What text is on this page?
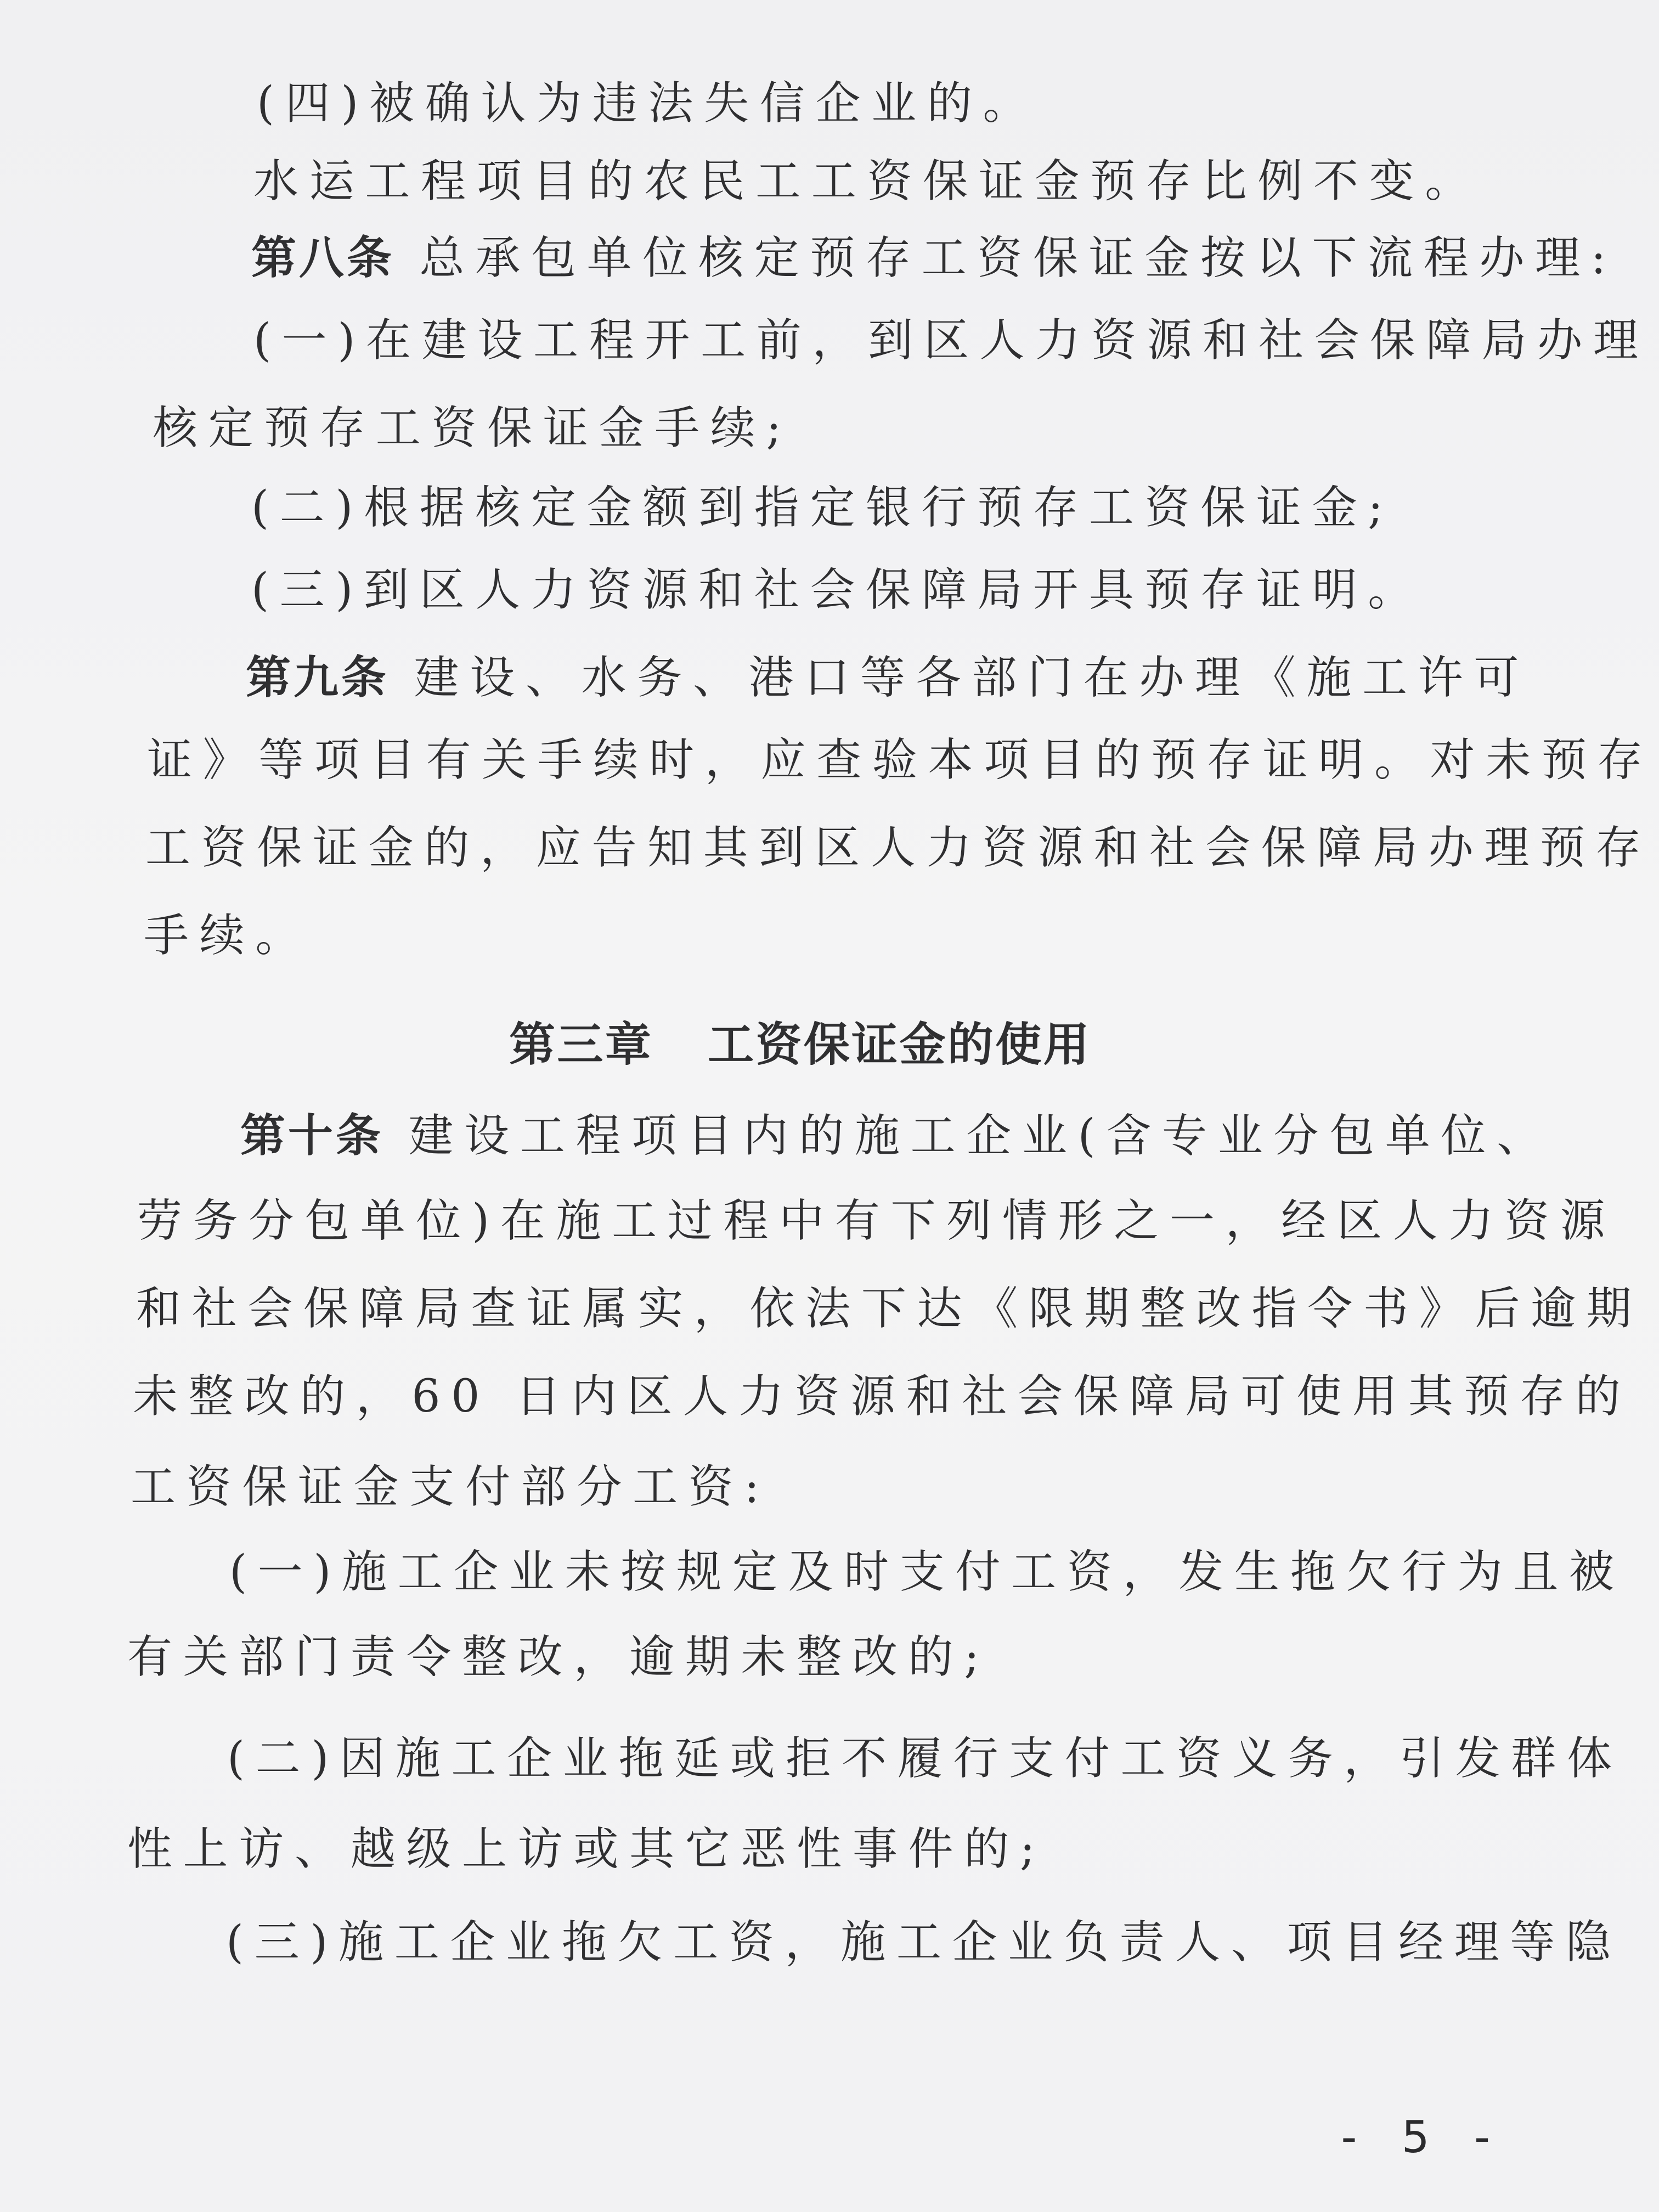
(四)被确认为违法失信企业的。
水运工程项目的农民工工资保证金预存比例不变。
第八条 总承包单位核定预存工资保证金按以下流程办理:
(一)在建设工程开工前，到区人力资源和社会保障局办理
核定预存工资保证金手续;
(二)根据核定金额到指定银行预存工资保证金;
(三)到区人力资源和社会保障局开具预存证明。
第九条 建设、水务、港口等各部门在办理《施工许可
证》等项目有关手续时，应查验本项目的预存证明。对未预存
工资保证金的，应告知其到区人力资源和社会保障局办理预存
手续。
第三章 工资保证金的使用
第十条 建设工程项目内的施工企业(含专业分包单位、
劳务分包单位)在施工过程中有下列情形之一，经区人力资源
和社会保障局查证属实，依法下达《限期整改指令书》后逾期
未整改的，60 日内区人力资源和社会保障局可使用其预存的
工资保证金支付部分工资:
(一)施工企业未按规定及时支付工资，发生拖欠行为且被
有关部门责令整改，逾期未整改的;
(二)因施工企业拖延或拒不履行支付工资义务，引发群体
性上访、越级上访或其它恶性事件的;
(三)施工企业拖欠工资，施工企业负责人、项目经理等隐
- 5 -
